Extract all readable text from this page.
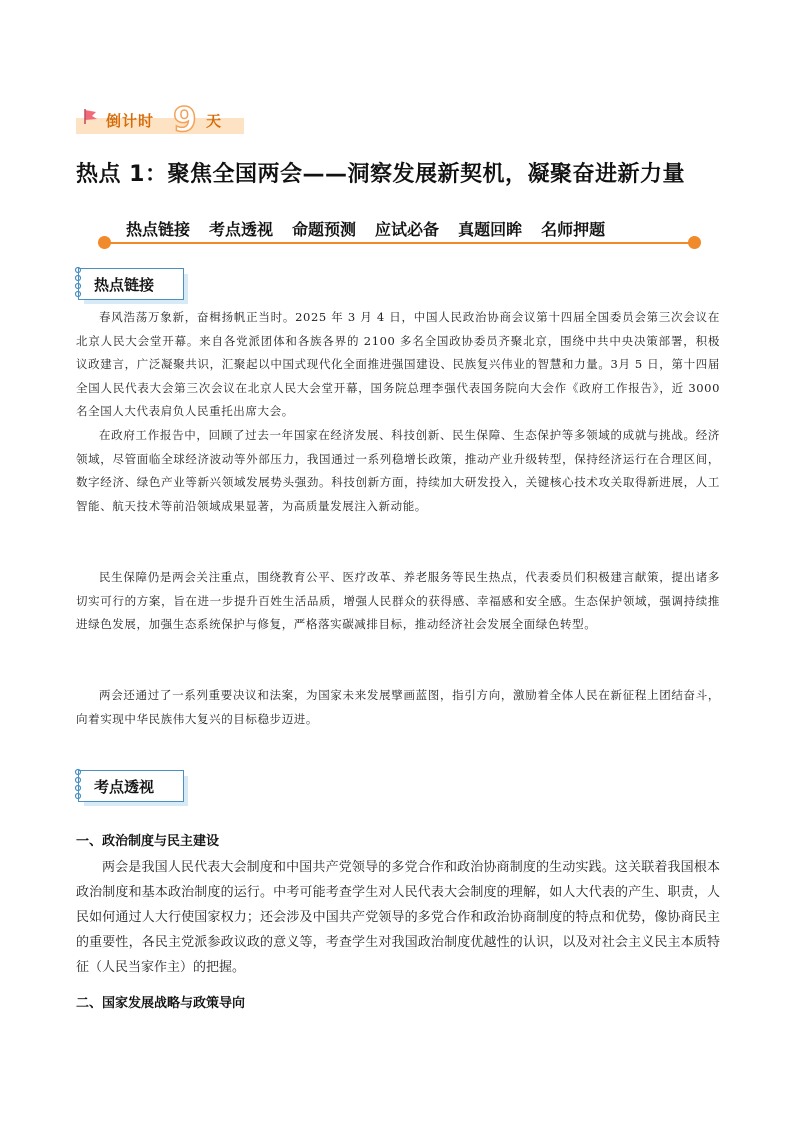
倒计时 9 天
热点 1：聚焦全国两会——洞察发展新契机，凝聚奋进新力量
热点链接 考点透视 命题预测 应试必备 真题回眸 名师押题
热点链接

春风浩荡万象新，奋楫扬帆正当时。2025 年 3 月 4 日，中国人民政治协商会议第十四届全国委员会第三次会议在北京人民大会堂开幕。来自各党派团体和各族各界的 2100 多名全国政协委员齐聚北京，围绕中共中央决策部署，积极议政建言，广泛凝聚共识，汇聚起以中国式现代化全面推进强国建设、民族复兴伟业的智慧和力量。3月 5 日，第十四届全国人民代表大会第三次会议在北京人民大会堂开幕，国务院总理李强代表国务院向大会作《政府工作报告》，近 3000 名全国人大代表肩负人民重托出席大会。

在政府工作报告中，回顾了过去一年国家在经济发展、科技创新、民生保障、生态保护等多领域的成就与挑战。经济领域，尽管面临全球经济波动等外部压力，我国通过一系列稳增长政策，推动产业升级转型，保持经济运行在合理区间，数字经济、绿色产业等新兴领域发展势头强劲。科技创新方面，持续加大研发投入，关键核心技术攻关取得新进展，人工智能、航天技术等前沿领域成果显著，为高质量发展注入新动能。

民生保障仍是两会关注重点，围绕教育公平、医疗改革、养老服务等民生热点，代表委员们积极建言献策，提出诸多切实可行的方案，旨在进一步提升百姓生活品质，增强人民群众的获得感、幸福感和安全感。生态保护领域，强调持续推进绿色发展，加强生态系统保护与修复，严格落实碳减排目标，推动经济社会发展全面绿色转型。

两会还通过了一系列重要决议和法案，为国家未来发展擘画蓝图，指引方向，激励着全体人民在新征程上团结奋斗，向着实现中华民族伟大复兴的目标稳步迈进。

考点透视
一、政治制度与民主建设

两会是我国人民代表大会制度和中国共产党领导的多党合作和政治协商制度的生动实践。这关联着我国根本政治制度和基本政治制度的运行。中考可能考查学生对人民代表大会制度的理解，如人大代表的产生、职责，人民如何通过人大行使国家权力；还会涉及中国共产党领导的多党合作和政治协商制度的特点和优势，像协商民主的重要性，各民主党派参政议政的意义等，考查学生对我国政治制度优越性的认识，以及对社会主义民主本质特征（人民当家作主）的把握。

二、国家发展战略与政策导向
